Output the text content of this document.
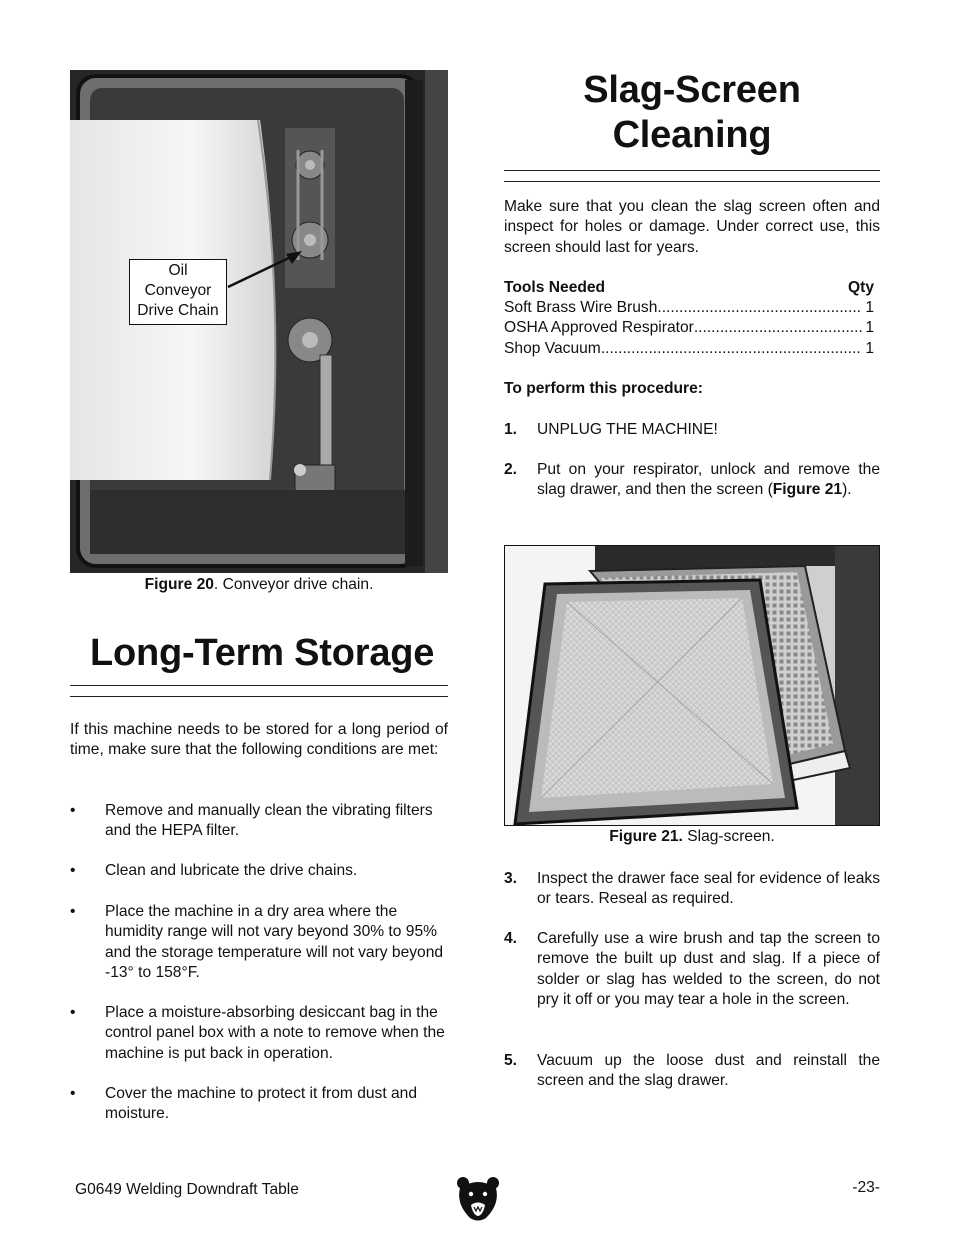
Oil
Conveyor
Drive Chain
Figure 20. Conveyor drive chain.
Long-Term Storage

If this machine needs to be stored for a long period of time, make sure that the following conditions are met:

• Remove and manually clean the vibrating filters and the HEPA filter.
• Clean and lubricate the drive chains.
• Place the machine in a dry area where the humidity range will not vary beyond 30% to 95% and the storage temperature will not vary beyond -13° to 158°F.
• Place a moisture-absorbing desiccant bag in the control panel box with a note to remove when the machine is put back in operation.
• Cover the machine to protect it from dust and moisture.
Slag-Screen
Cleaning

Make sure that you clean the slag screen often and inspect for holes or damage. Under correct use, this screen should last for years.

Tools Needed	Qty
Soft Brass Wire Brush .....	1
OSHA Approved Respirator .....	1
Shop Vacuum .....	1
To perform this procedure:
1. UNPLUG THE MACHINE!
2. Put on your respirator, unlock and remove the slag drawer, and then the screen (Figure 21).
Figure 21. Slag-screen.
3. Inspect the drawer face seal for evidence of leaks or tears. Reseal as required.
4. Carefully use a wire brush and tap the screen to remove the built up dust and slag. If a piece of solder or slag has welded to the screen, do not pry it off or you may tear a hole in the screen.
5. Vacuum up the loose dust and reinstall the screen and the slag drawer.
G0649 Welding Downdraft Table	-23-
